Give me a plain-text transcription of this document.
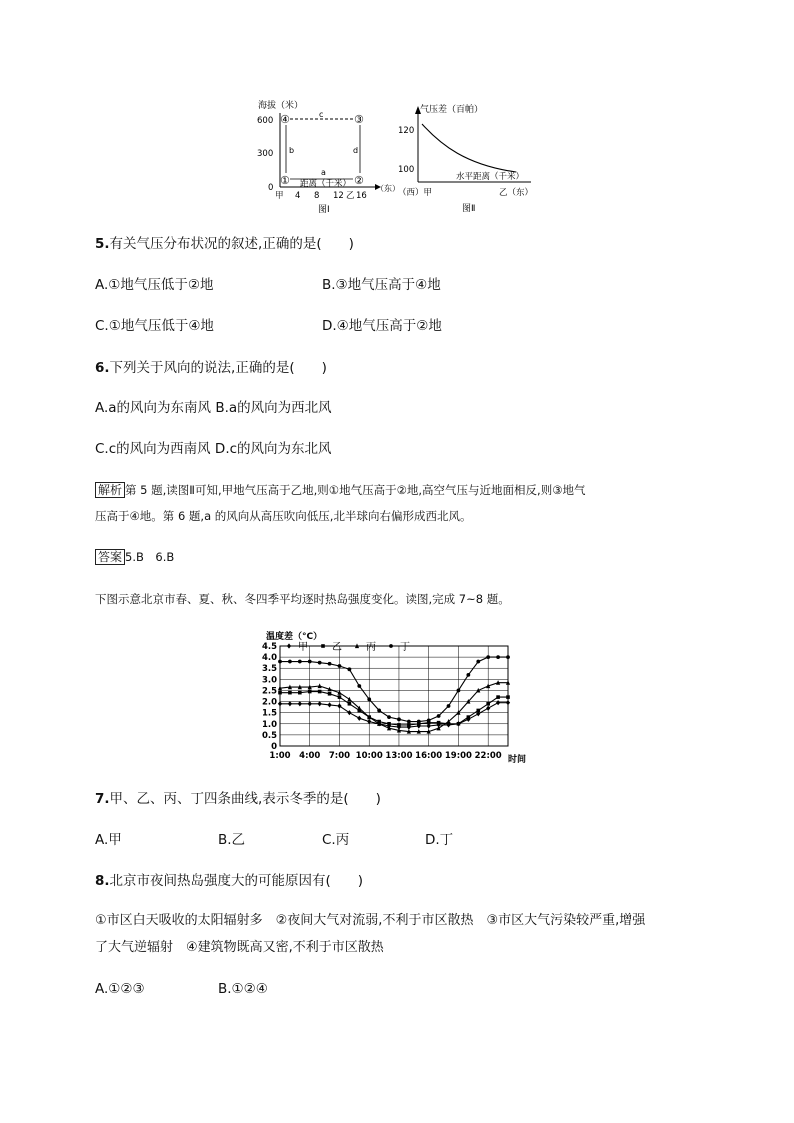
海拔（米）
600
300
0
④	③
①	②
c
b	d
a
距离（千米）
甲 4 8 12 乙 16
（东）
图Ⅰ
气压差（百帕）
120
100
水平距离（千米）
（西）甲	乙（东）
图Ⅱ
5.有关气压分布状况的叙述,正确的是(　　)
A.①地气压低于②地	B.③地气压高于④地
C.①地气压低于④地	D.④地气压高于②地
6.下列关于风向的说法,正确的是(　　)
A.a的风向为东南风 B.a的风向为西北风
C.c的风向为西南风 D.c的风向为东北风
解析 第 5 题,读图Ⅱ可知,甲地气压高于乙地,则①地气压高于②地,高空气压与近地面相反,则③地气
压高于④地。第 6 题,a 的风向从高压吹向低压,北半球向右偏形成西北风。
答案 5.B　6.B
下图示意北京市春、夏、秋、冬四季平均逐时热岛强度变化。读图,完成 7~8 题。
温度差（°C）
4.5
4.0
3.5
3.0
2.5
2.0
1.5
1.0
0.5
0
1:00 4:00 7:00 10:00 13:00 16:00 19:00 22:00
甲 乙 丙 丁
时间
7.甲、乙、丙、丁四条曲线,表示冬季的是(　　)
A.甲	B.乙	C.丙	D.丁
8.北京市夜间热岛强度大的可能原因有(　　)
①市区白天吸收的太阳辐射多　②夜间大气对流弱,不利于市区散热　③市区大气污染较严重,增强
了大气逆辐射　④建筑物既高又密,不利于市区散热
A.①②③	B.①②④
